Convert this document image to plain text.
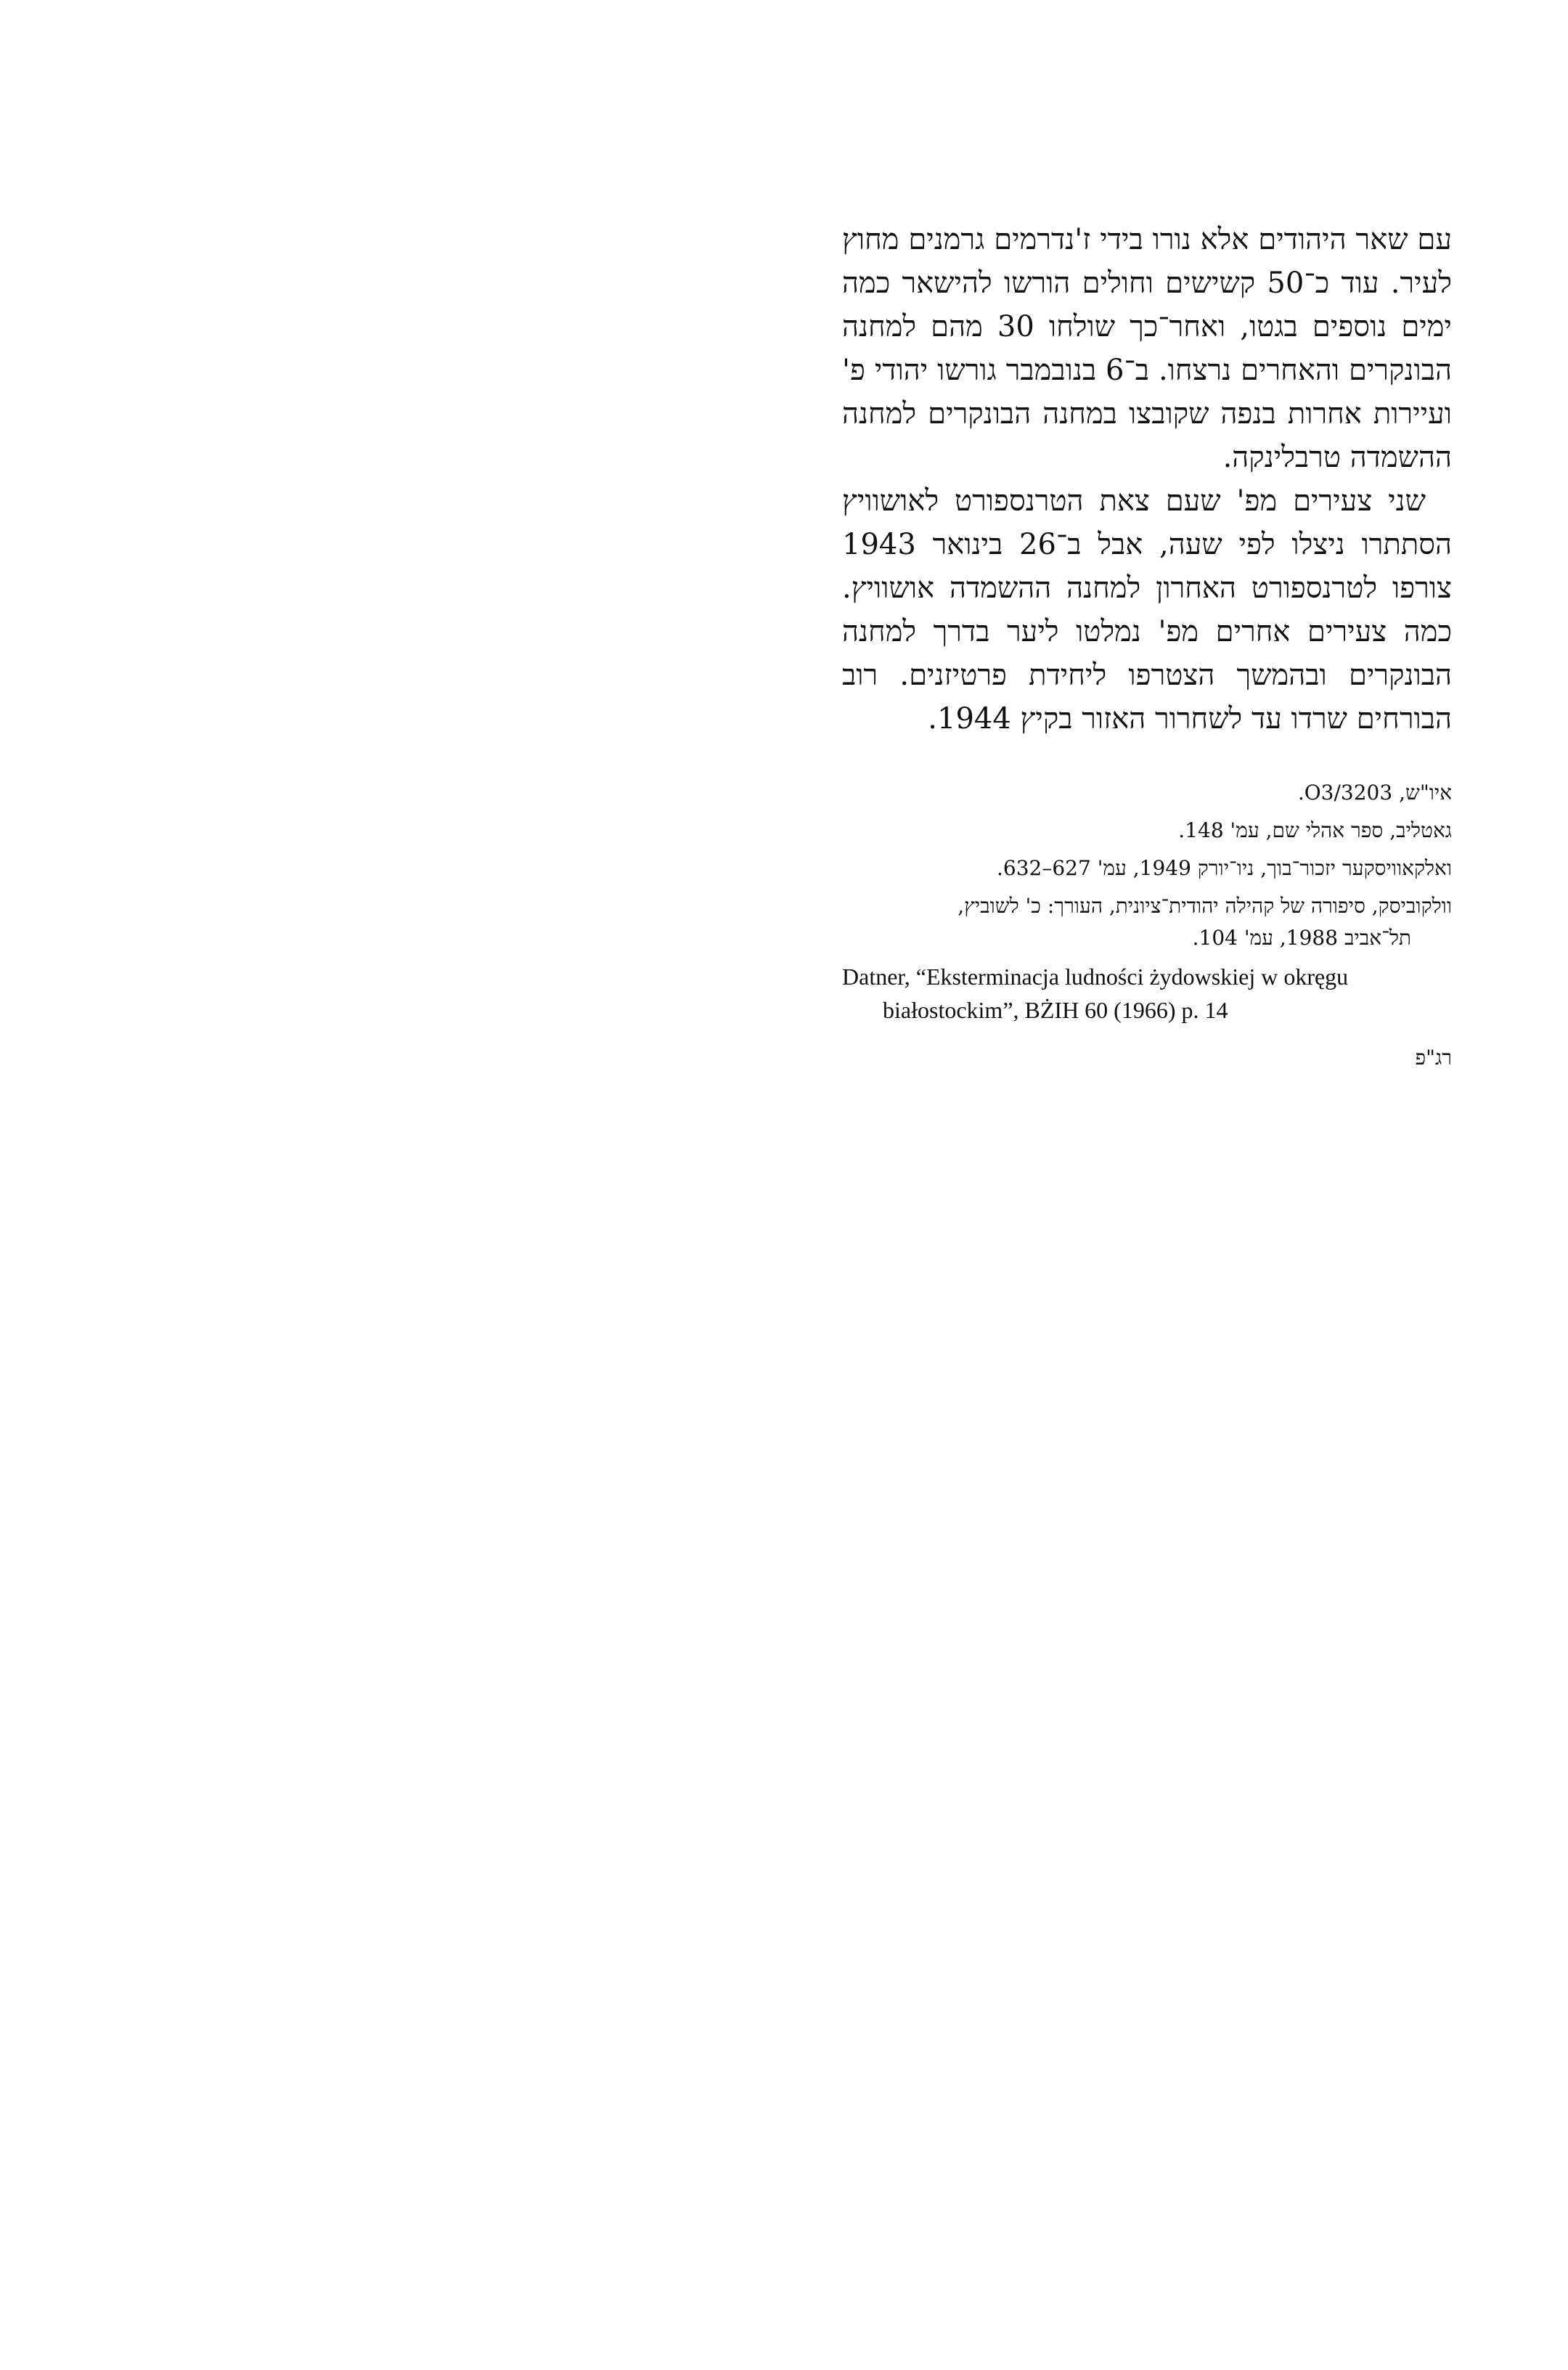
עם שאר היהודים אלא נורו בידי ז'נדרמים גרמנים מחוץ לעיר. עוד כ־50 קשישים וחולים הורשו להישאר כמה ימים נוספים בגטו, ואחר־כך שולחו 30 מהם למחנה הבונקרים והאחרים נרצחו. ב־6 בנובמבר גורשו יהודי פ' ועיירות אחרות בנפה שקובצו במחנה הבונקרים למחנה ההשמדה טרבלינקה.

שני צעירים מפ' שעם צאת הטרנספורט לאושוויץ הסתתרו ניצלו לפי שעה, אבל ב־26 בינואר 1943 צורפו לטרנספורט האחרון למחנה ההשמדה אושוויץ. כמה צעירים אחרים מפ' נמלטו ליער בדרך למחנה הבונקרים ובהמשך הצטרפו ליחידת פרטיזנים. רוב הבורחים שרדו עד לשחרור האזור בקיץ 1944.

איו"ש, O3/3203.
גאטליב, ספר אהלי שם, עמ' 148.
ואלקאוויסקער יזכור־בוך, ניו־יורק 1949, עמ' 627–632.
וולקוביסק, סיפורה של קהילה יהודית־ציונית, העורך: כ' לשוביץ,
תל־אביב 1988, עמ' 104.
Datner, “Eksterminacja ludności żydowskiej w okręgu
białostockim”, BŻIH 60 (1966) p. 14
רג"פ
